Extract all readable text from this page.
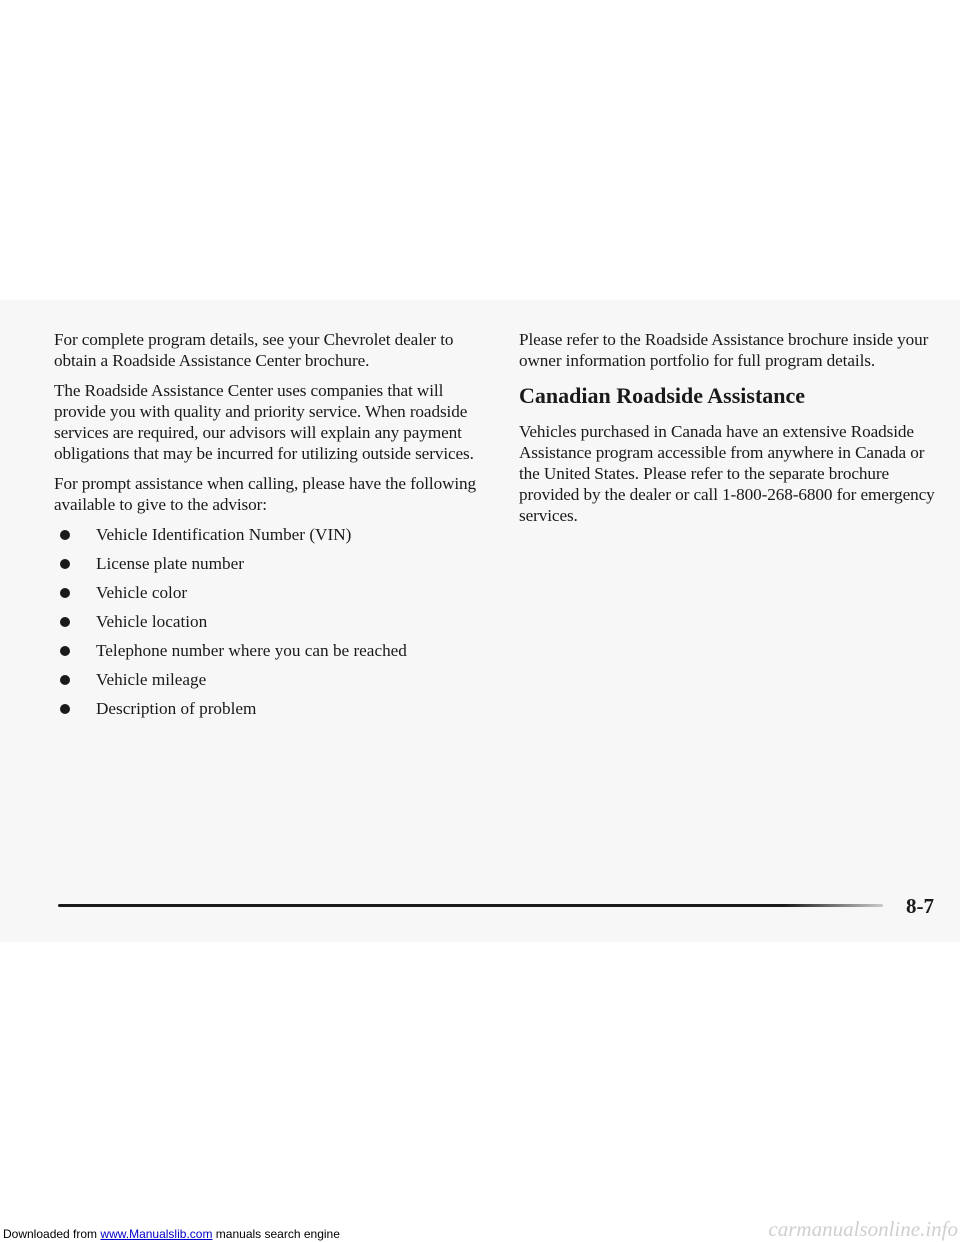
For complete program details, see your Chevrolet dealer to obtain a Roadside Assistance Center brochure.

The Roadside Assistance Center uses companies that will provide you with quality and priority service. When roadside services are required, our advisors will explain any payment obligations that may be incurred for utilizing outside services.

For prompt assistance when calling, please have the following available to give to the advisor:

Vehicle Identification Number (VIN)
License plate number
Vehicle color
Vehicle location
Telephone number where you can be reached
Vehicle mileage
Description of problem

Please refer to the Roadside Assistance brochure inside your owner information portfolio for full program details.

Canadian Roadside Assistance

Vehicles purchased in Canada have an extensive Roadside Assistance program accessible from anywhere in Canada or the United States. Please refer to the separate brochure provided by the dealer or call 1-800-268-6800 for emergency services.

8-7
Downloaded from www.Manualslib.com manuals search engine	carmanualsonline.info
